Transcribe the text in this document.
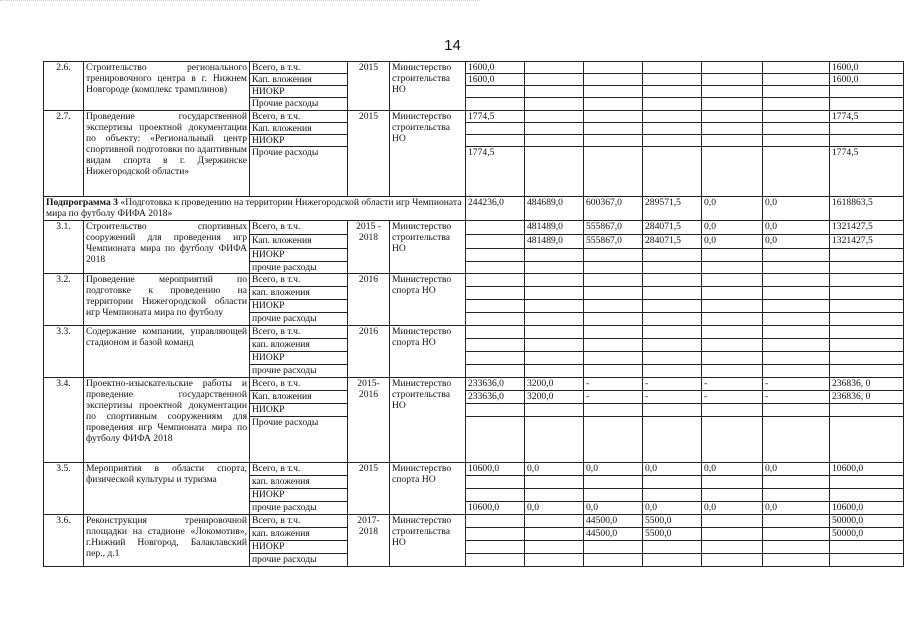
14
2.6.	Строительство регионального тренировочного центра в г. Нижнем Новгороде (комплекс трамплинов)	Всего, в т.ч.	2015	Министерство строительства НО	1600,0						1600,0
		Кап. вложения			1600,0						1600,0
		НИОКР									
		Прочие расходы									
2.7.	Проведение государственной экспертизы проектной документации по объекту: «Региональный центр спортивной подготовки по адаптивным видам спорта в г. Дзержинске Нижегородской области»	Всего, в т.ч.	2015	Министерство строительства НО	1774,5						1774,5
		Кап. вложения									
		НИОКР									
		Прочие расходы			1774,5						1774,5
Подпрограмма 3 «Подготовка к проведению на территории Нижегородской области игр Чемпионата мира по футболу ФИФА 2018»					244236,0	484689,0	600367,0	289571,5	0,0	0,0	1618863,5
3.1.	Строительство спортивных сооружений для проведения игр Чемпионата мира по футболу ФИФА 2018	Всего, в т.ч.	2015 - 2018	Министерство строительства НО		481489,0	555867,0	284071,5	0,0	0,0	1321427,5
		Кап. вложения				481489,0	555867,0	284071,5	0,0	0,0	1321427,5
		НИОКР									
		прочие расходы									
3.2.	Проведение мероприятий по подготовке к проведению на территории Нижегородской области игр Чемпионата мира по футболу	Всего, в т.ч.	2016	Министерство спорта НО							
		кап. вложения									
		НИОКР									
		прочие расходы									
3.3.	Содержание компании, управляющей стадионом и базой команд	Всего, в т.ч.	2016	Министерство спорта НО							
		кап. вложения									
		НИОКР									
		прочие расходы									
3.4.	Проектно-изыскательские работы и проведение государственной экспертизы проектной документации по спортивным сооружениям для проведения игр Чемпионата мира по футболу ФИФА 2018	Всего, в т.ч.	2015-2016	Министерство строительства НО	233636,0	3200,0	-	-	-	-	236836, 0
		Кап. вложения			233636,0	3200,0	-	-	-	-	236836, 0
		НИОКР									
		Прочие расходы									
3.5.	Мероприятия в области спорта, физической культуры и туризма	Всего, в т.ч.	2015	Министерство спорта НО	10600,0	0,0	0,0	0,0	0,0	0,0	10600,0
		кап. вложения									
		НИОКР									
		прочие расходы			10600,0	0,0	0,0	0,0	0,0	0,0	10600,0
3.6.	Реконструкция тренировочной площадки на стадионе «Локомотив», г.Нижний Новгород, Балаклавский пер., д.1	Всего, в т.ч.	2017-2018	Министерство строительства НО			44500,0	5500,0			50000,0
		кап. вложения					44500,0	5500,0			50000,0
		НИОКР									
		прочие расходы									
